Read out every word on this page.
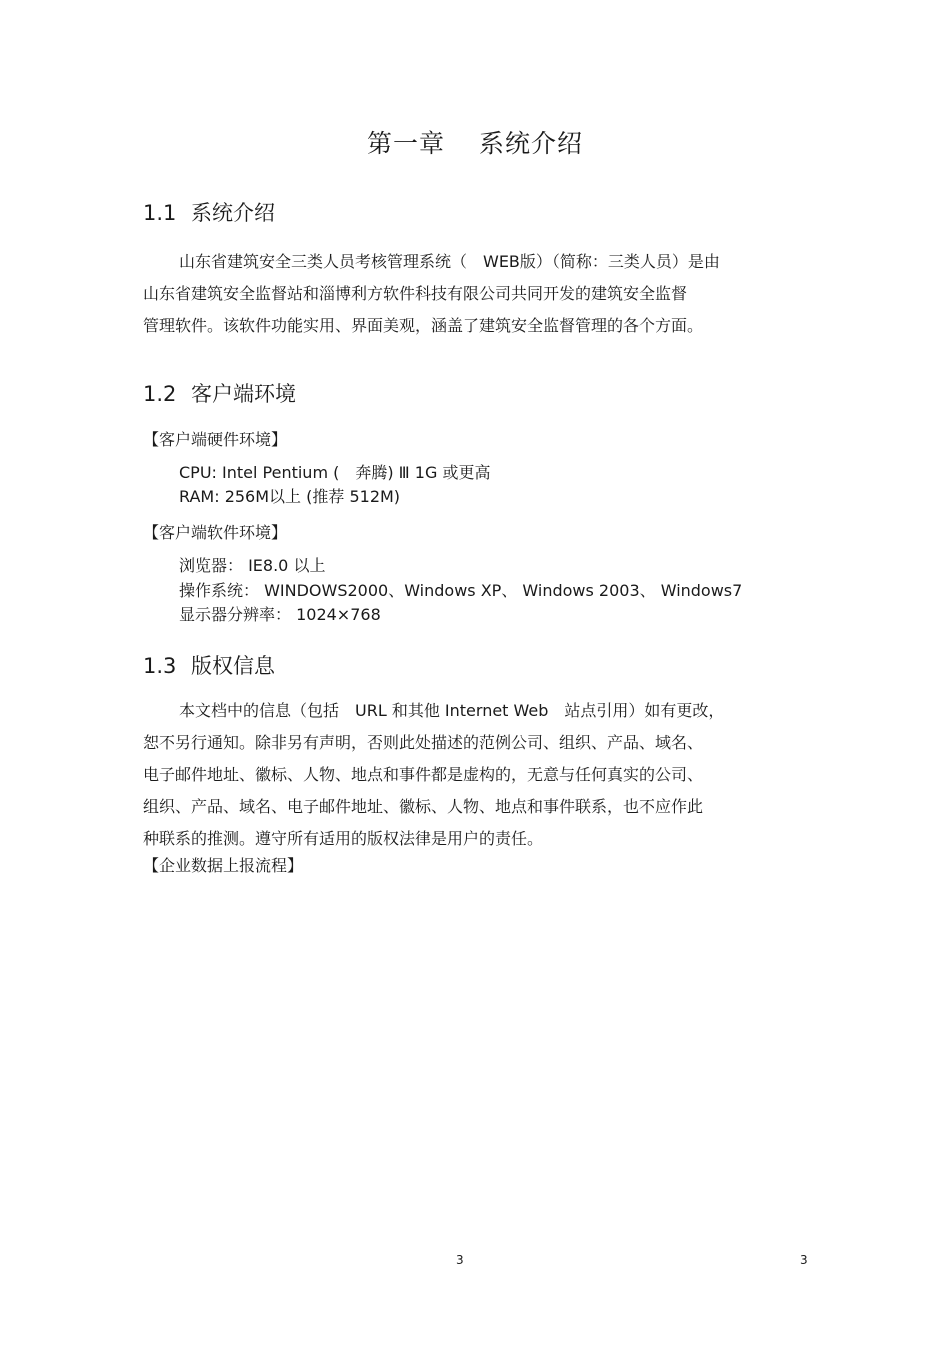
第一章 系统介绍
1.1 系统介绍
山东省建筑安全三类人员考核管理系统（　WEB版）（简称：三类人员）是由
山东省建筑安全监督站和淄博利方软件科技有限公司共同开发的建筑安全监督
管理软件。该软件功能实用、界面美观，涵盖了建筑安全监督管理的各个方面。
1.2 客户端环境
【客户端硬件环境】
CPU: Intel Pentium (　奔腾) Ⅲ 1G 或更高
RAM: 256M以上 (推荐 512M)
【客户端软件环境】
浏览器： IE8.0 以上
操作系统： WINDOWS2000、Windows XP、 Windows 2003、 Windows7
显示器分辨率： 1024×768
1.3 版权信息
本文档中的信息（包括　URL 和其他 Internet Web　站点引用）如有更改，
恕不另行通知。除非另有声明，否则此处描述的范例公司、组织、产品、域名、
电子邮件地址、徽标、人物、地点和事件都是虚构的，无意与任何真实的公司、
组织、产品、域名、电子邮件地址、徽标、人物、地点和事件联系，也不应作此
种联系的推测。遵守所有适用的版权法律是用户的责任。
【企业数据上报流程】
3	3
